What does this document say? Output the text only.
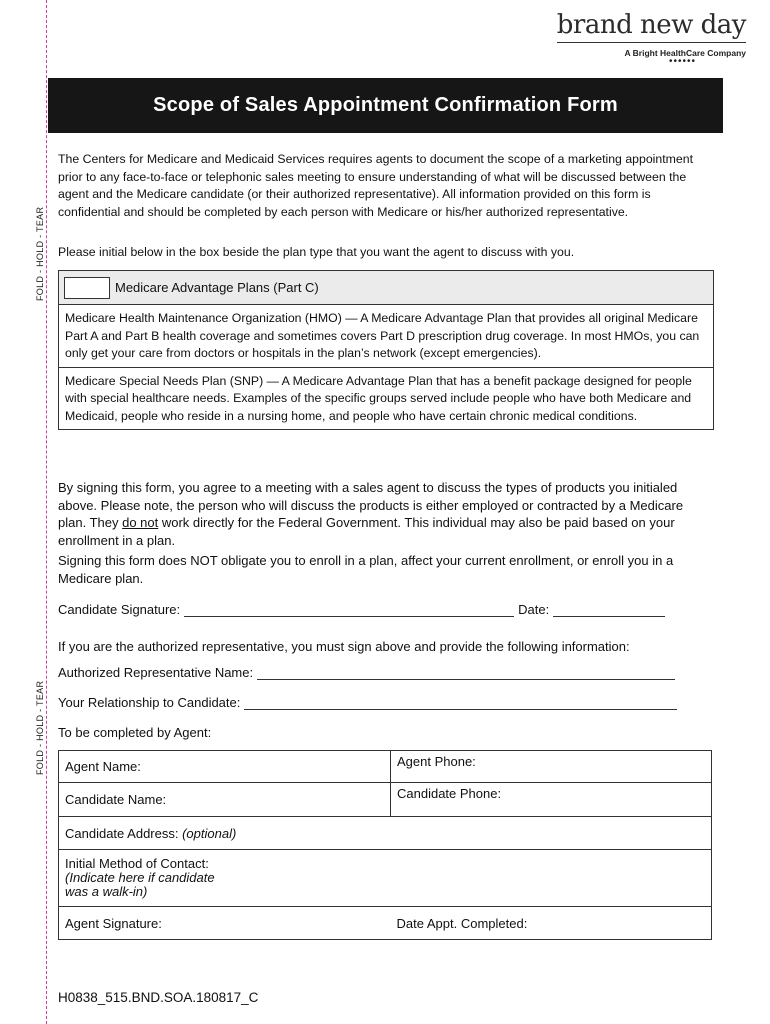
FOLD - HOLD - TEAR
FOLD - HOLD - TEAR
brand new day
A Bright HealthCare Company
••••••
Scope of Sales Appointment Confirmation Form
The Centers for Medicare and Medicaid Services requires agents to document the scope of a marketing appointment prior to any face-to-face or telephonic sales meeting to ensure understanding of what will be discussed between the agent and the Medicare candidate (or their authorized representative). All information provided on this form is confidential and should be completed by each person with Medicare or his/her authorized representative.
Please initial below in the box beside the plan type that you want the agent to discuss with you.
Medicare Advantage Plans (Part C)
Medicare Health Maintenance Organization (HMO) — A Medicare Advantage Plan that provides all original Medicare Part A and Part B health coverage and sometimes covers Part D prescription drug coverage. In most HMOs, you can only get your care from doctors or hospitals in the plan’s network (except emergencies).
Medicare Special Needs Plan (SNP) — A Medicare Advantage Plan that has a benefit package designed for people with special healthcare needs. Examples of the specific groups served include people who have both Medicare and Medicaid, people who reside in a nursing home, and people who have certain chronic medical conditions.

By signing this form, you agree to a meeting with a sales agent to discuss the types of products you initialed above. Please note, the person who will discuss the products is either employed or contracted by a Medicare plan. They do not work directly for the Federal Government. This individual may also be paid based on your enrollment in a plan.

Signing this form does NOT obligate you to enroll in a plan, affect your current enrollment, or enroll you in a Medicare plan.

Candidate Signature:	Date:
If you are the authorized representative, you must sign above and provide the following information:
Authorized Representative Name:
Your Relationship to Candidate:
To be completed by Agent:
Agent Name:	Agent Phone:
Candidate Name:	Candidate Phone:
Candidate Address: (optional)	

Initial Method of Contact:
(Indicate here if candidate
was a walk-in)	

Agent Signature:	Date Appt. Completed:
H0838_515.BND.SOA.180817_C
